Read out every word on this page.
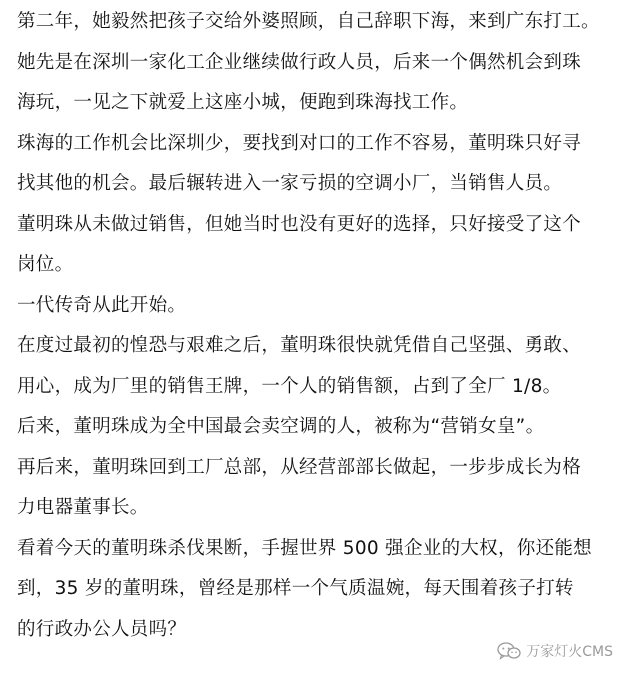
第二年，她毅然把孩子交给外婆照顾，自己辞职下海，来到广东打工。
她先是在深圳一家化工企业继续做行政人员，后来一个偶然机会到珠
海玩，一见之下就爱上这座小城，便跑到珠海找工作。
珠海的工作机会比深圳少，要找到对口的工作不容易，董明珠只好寻
找其他的机会。最后辗转进入一家亏损的空调小厂，当销售人员。
董明珠从未做过销售，但她当时也没有更好的选择，只好接受了这个
岗位。
一代传奇从此开始。
在度过最初的惶恐与艰难之后，董明珠很快就凭借自己坚强、勇敢、
用心，成为厂里的销售王牌，一个人的销售额，占到了全厂 1/8。
后来，董明珠成为全中国最会卖空调的人，被称为“营销女皇”。
再后来，董明珠回到工厂总部，从经营部部长做起，一步步成长为格
力电器董事长。
看着今天的董明珠杀伐果断，手握世界 500 强企业的大权，你还能想
到，35 岁的董明珠，曾经是那样一个气质温婉，每天围着孩子打转
的行政办公人员吗？
万家灯火CMS
